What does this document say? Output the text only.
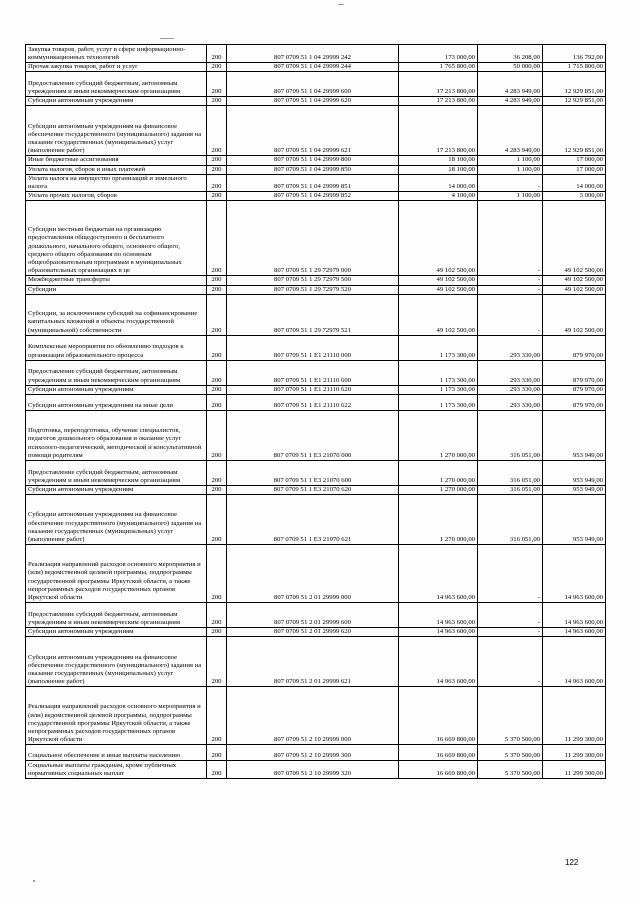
Закупка товаров, работ, услуг в сфере информационно-коммуникационных технологий	200	807 0709 51 1 04 29999 242	173 000,00	36 208,00	136 792,00
Прочая закупка товаров, работ и услуг	200	807 0709 51 1 04 29999 244	1 765 800,00	50 000,00	1 715 800,00
Предоставление субсидий бюджетным, автономным учреждениям и иным некоммерческим организациям	200	807 0709 51 1 04 29999 600	17 213 800,00	4 283 949,00	12 929 851,00
Субсидии автономным учреждениям	200	807 0709 51 1 04 29999 620	17 213 800,00	4 283 949,00	12 929 851,00
Субсидии автономным учреждениям на финансовое обеспечение государственного (муниципального) задания на оказание государственных (муниципальных) услуг (выполнение работ)	200	807 0709 51 1 04 29999 621	17 213 800,00	4 283 949,00	12 929 851,00
Иные бюджетные ассигнования	200	807 0709 51 1 04 29999 800	18 100,00	1 100,00	17 000,00
Уплата налогов, сборов и иных платежей	200	807 0709 51 1 04 29999 850	18 100,00	1 100,00	17 000,00
Уплата налога на имущество организаций и земельного налога	200	807 0709 51 1 04 29999 851	14 000,00	-	14 000,00
Уплата прочих налогов, сборов	200	807 0709 51 1 04 29999 852	4 100,00	1 100,00	3 000,00
Субсидии местным бюджетам на организацию предоставления общедоступного и бесплатного дошкольного, начального общего, основного общего, среднего общего образования по основным общеобразовательным программам в муниципальных образовательных организациях в це	200	807 0709 51 1 29 72979 000	49 102 500,00	-	49 102 500,00
Межбюджетные трансферты	200	807 0709 51 1 29 72979 500	49 102 500,00	-	49 102 500,00
Субсидии	200	807 0709 51 1 29 72979 520	49 102 500,00	-	49 102 500,00
Субсидии, за исключением субсидий на софинансирование капитальных вложений в объекты государственной (муниципальной) собственности	200	807 0709 51 1 29 72979 521	49 102 500,00	-	49 102 500,00
Комплексные мероприятия по обновлению подходов к организации образовательного процесса	200	807 0709 51 1 E1 21110 000	1 173 300,00	293 330,00	879 970,00
Предоставление субсидий бюджетным, автономным учреждениям и иным некоммерческим организациям	200	807 0709 51 1 E1 21110 600	1 173 300,00	293 330,00	879 970,00
Субсидии автономным учреждениям	200	807 0709 51 1 E1 21110 620	1 173 300,00	293 330,00	879 970,00
Субсидии автономным учреждениям на иные цели	200	807 0709 51 1 E1 21110 622	1 173 300,00	293 330,00	879 970,00
Подготовка, переподготовка, обучение специалистов, педагогов дошкольного образования и оказание услуг психолого-педагогической, методической и консультативной помощи родителям	200	807 0709 51 1 E3 21070 000	1 270 000,00	316 051,00	953 949,00
Предоставление субсидий бюджетным, автономным учреждениям и иным некоммерческим организациям	200	807 0709 51 1 E3 21070 600	1 270 000,00	316 051,00	953 949,00
Субсидии автономным учреждениям	200	807 0709 51 1 E3 21070 620	1 270 000,00	316 051,00	953 949,00
Субсидии автономным учреждениям на финансовое обеспечение государственного (муниципального) задания на оказание государственных (муниципальных) услуг (выполнение работ)	200	807 0709 51 1 E3 21070 621	1 270 000,00	316 051,00	953 949,00
Реализация направлений расходов основного мероприятия и (или) ведомственной целевой программы, подпрограммы государственной программы Иркутской области, а также непрограммных расходов государственных органов Иркутской области	200	807 0709 51 2 01 29999 000	14 963 600,00	-	14 963 600,00
Предоставление субсидий бюджетным, автономным учреждениям и иным некоммерческим организациям	200	807 0709 51 2 01 29999 600	14 963 600,00	-	14 963 600,00
Субсидии автономным учреждениям	200	807 0709 51 2 01 29999 620	14 963 600,00	-	14 963 600,00
Субсидии автономным учреждениям на финансовое обеспечение государственного (муниципального) задания на оказание государственных (муниципальных) услуг (выполнение работ)	200	807 0709 51 2 01 29999 621	14 963 600,00	-	14 963 600,00
Реализация направлений расходов основного мероприятия и (или) ведомственной целевой программы, подпрограммы государственной программы Иркутской области, а также непрограммных расходов государственных органов Иркутской области	200	807 0709 51 2 10 29999 000	16 669 800,00	5 370 500,00	11 299 300,00
Социальное обеспечение и иные выплаты населению	200	807 0709 51 2 10 29999 300	16 669 800,00	5 370 500,00	11 299 300,00
Социальные выплаты гражданам, кроме публичных нормативных социальных выплат	200	807 0709 51 2 10 29999 320	16 669 800,00	5 370 500,00	11 299 300,00
122
